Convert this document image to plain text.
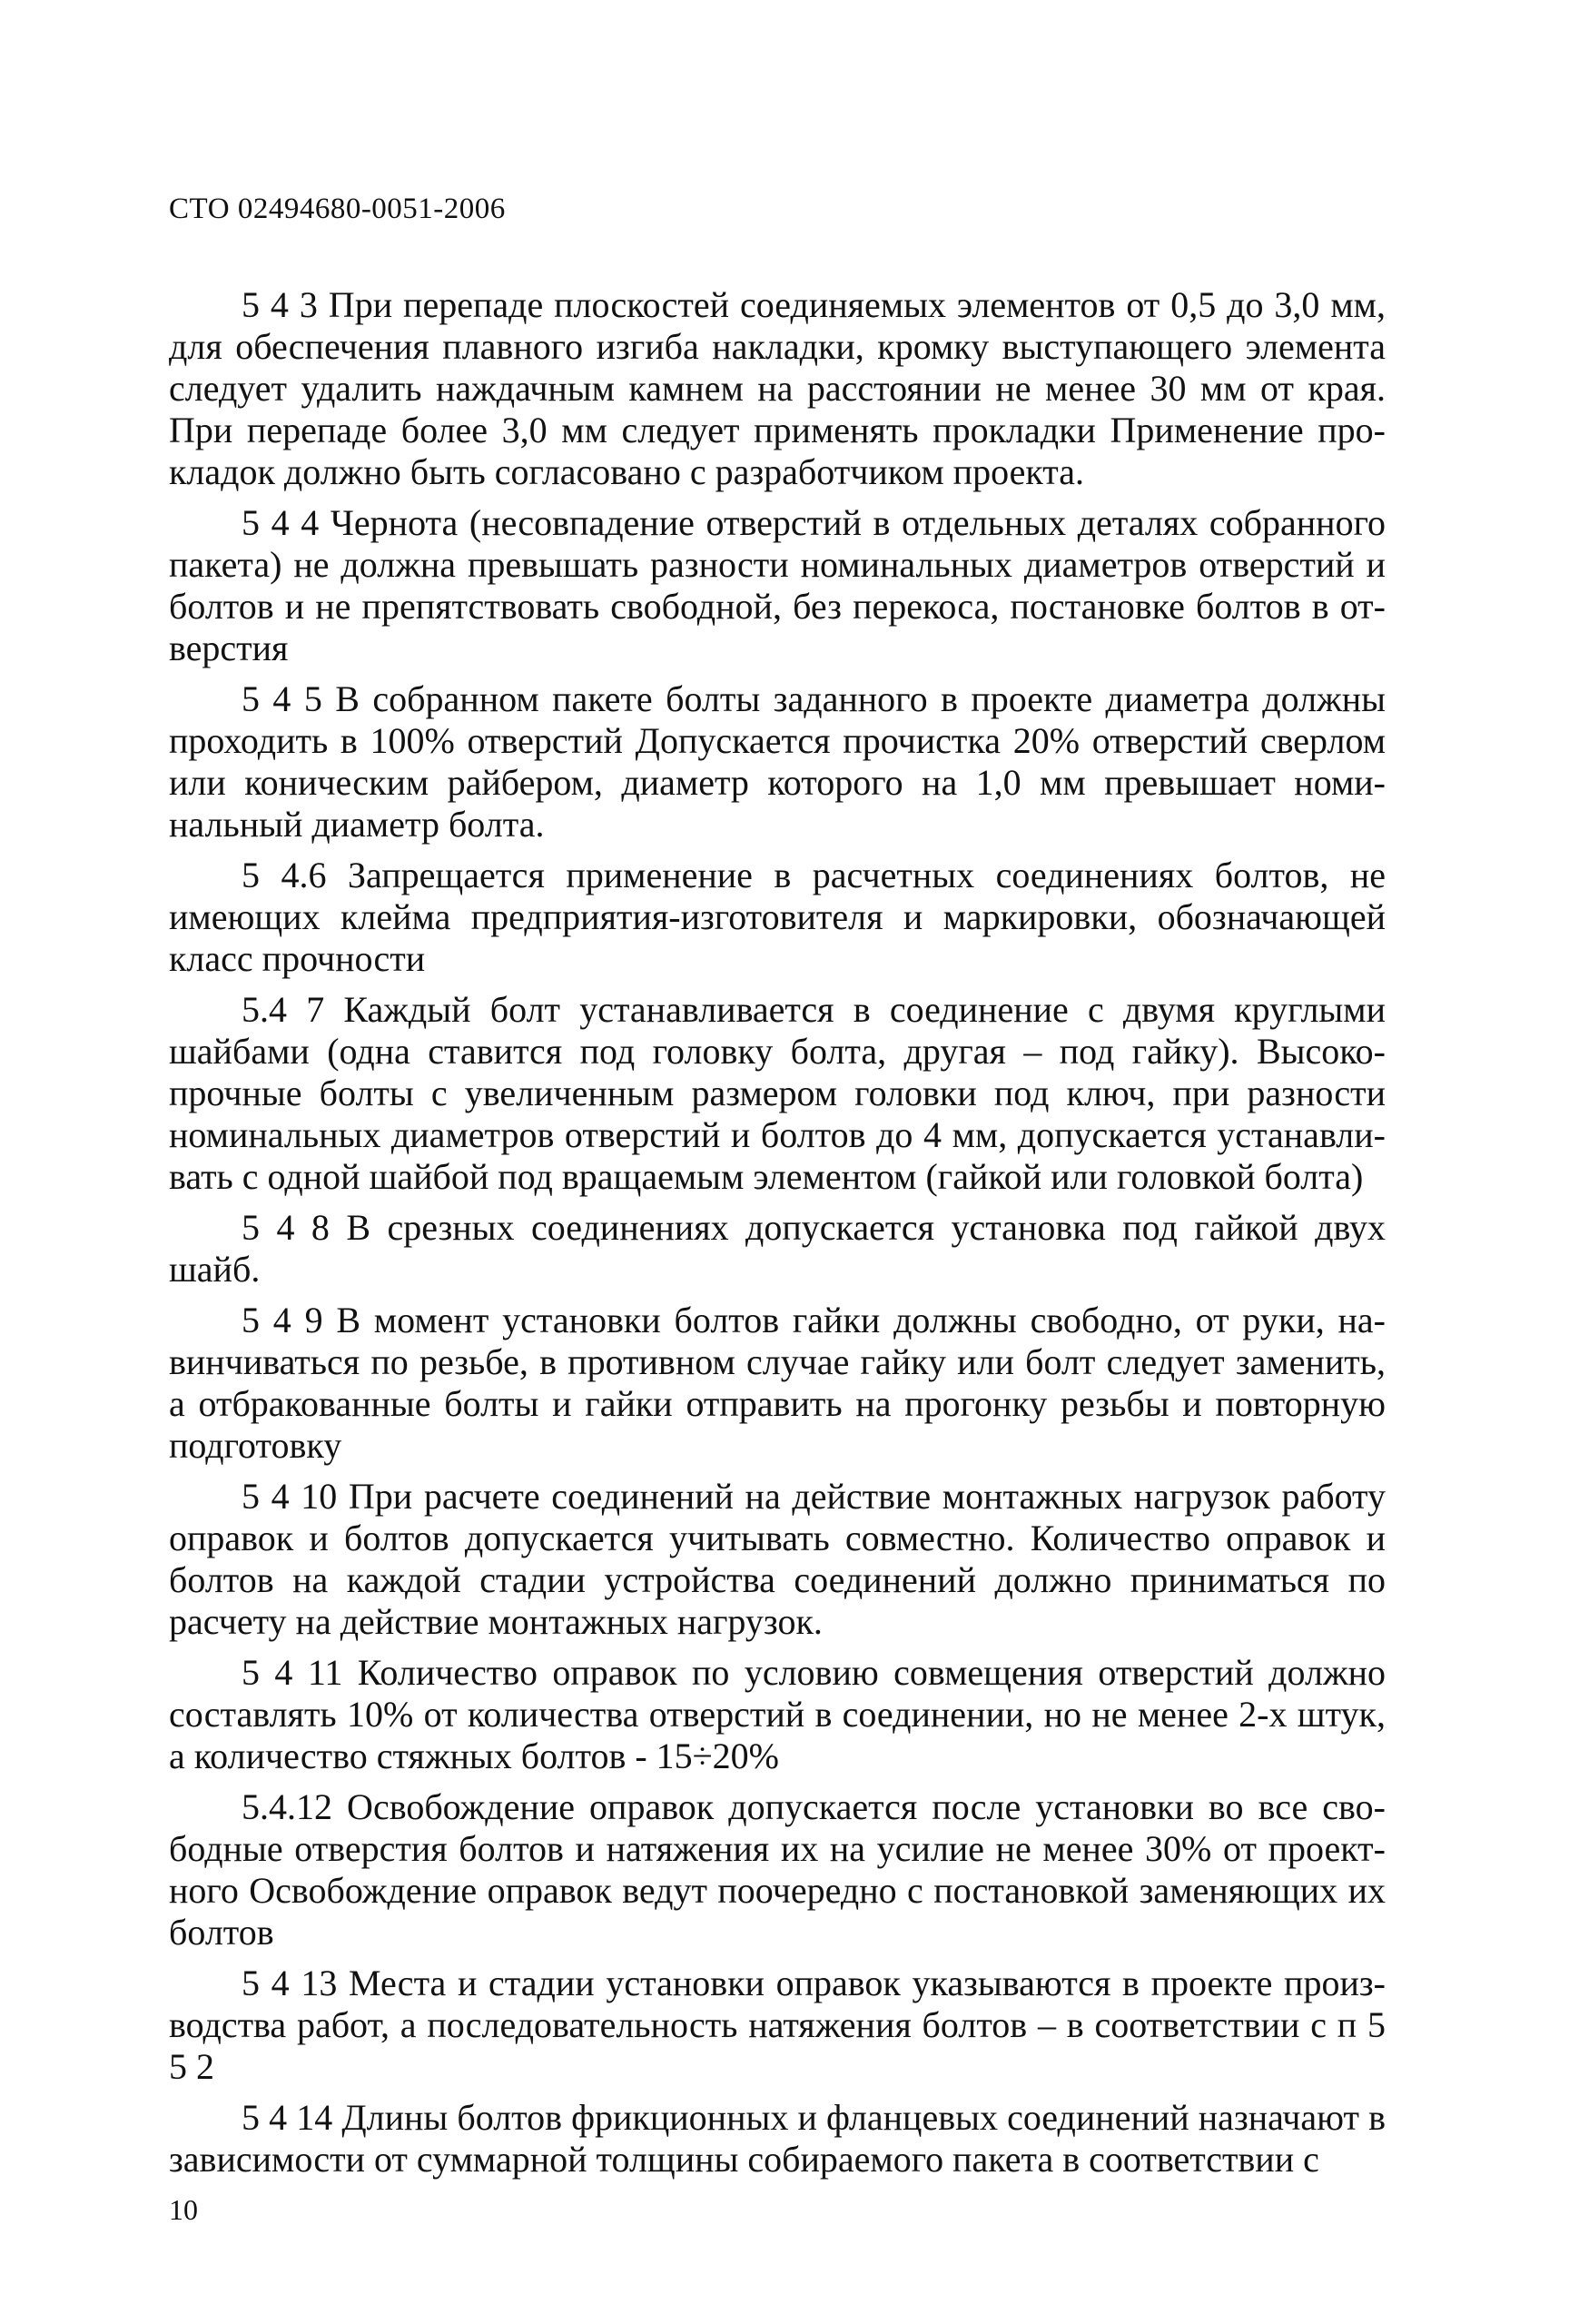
СТО 02494680-0051-2006

5 4 3 При перепаде плоскостей соединяемых элементов от 0,5 до 3,0 мм, для обеспечения плавного изгиба накладки, кромку выступающего элемента следует удалить наждачным камнем на расстоянии не менее 30 мм от края. При перепаде более 3,0 мм следует применять прокладки Применение прокладок должно быть согласовано с разработчиком проекта.

5 4 4 Чернота (несовпадение отверстий в отдельных деталях собранного пакета) не должна превышать разности номинальных диаметров отверстий и болтов и не препятствовать свободной, без перекоса, постановке болтов в отверстия

5 4 5 В собранном пакете болты заданного в проекте диаметра должны проходить в 100% отверстий Допускается прочистка 20% отверстий сверлом или коническим райбером, диаметр которого на 1,0 мм превышает номинальный диаметр болта.

5 4.6 Запрещается применение в расчетных соединениях болтов, не имеющих клейма предприятия-изготовителя и маркировки, обозначающей класс прочности

5.4 7 Каждый болт устанавливается в соединение с двумя круглыми шайбами (одна ставится под головку болта, другая – под гайку). Высокопрочные болты с увеличенным размером головки под ключ, при разности номинальных диаметров отверстий и болтов до 4 мм, допускается устанавливать с одной шайбой под вращаемым элементом (гайкой или головкой болта)

5 4 8 В срезных соединениях допускается установка под гайкой двух шайб.

5 4 9 В момент установки болтов гайки должны свободно, от руки, навинчиваться по резьбе, в противном случае гайку или болт следует заменить, а отбракованные болты и гайки отправить на прогонку резьбы и повторную подготовку

5 4 10 При расчете соединений на действие монтажных нагрузок работу оправок и болтов допускается учитывать совместно. Количество оправок и болтов на каждой стадии устройства соединений должно приниматься по расчету на действие монтажных нагрузок.

5 4 11 Количество оправок по условию совмещения отверстий должно составлять 10% от количества отверстий в соединении, но не менее 2-х штук, а количество стяжных болтов - 15÷20%

5.4.12 Освобождение оправок допускается после установки во все свободные отверстия болтов и натяжения их на усилие не менее 30% от проектного Освобождение оправок ведут поочередно с постановкой заменяющих их болтов

5 4 13 Места и стадии установки оправок указываются в проекте производства работ, а последовательность натяжения болтов – в соответствии с п 5 5 2

5 4 14 Длины болтов фрикционных и фланцевых соединений назначают в зависимости от суммарной толщины собираемого пакета в соответствии с

10
